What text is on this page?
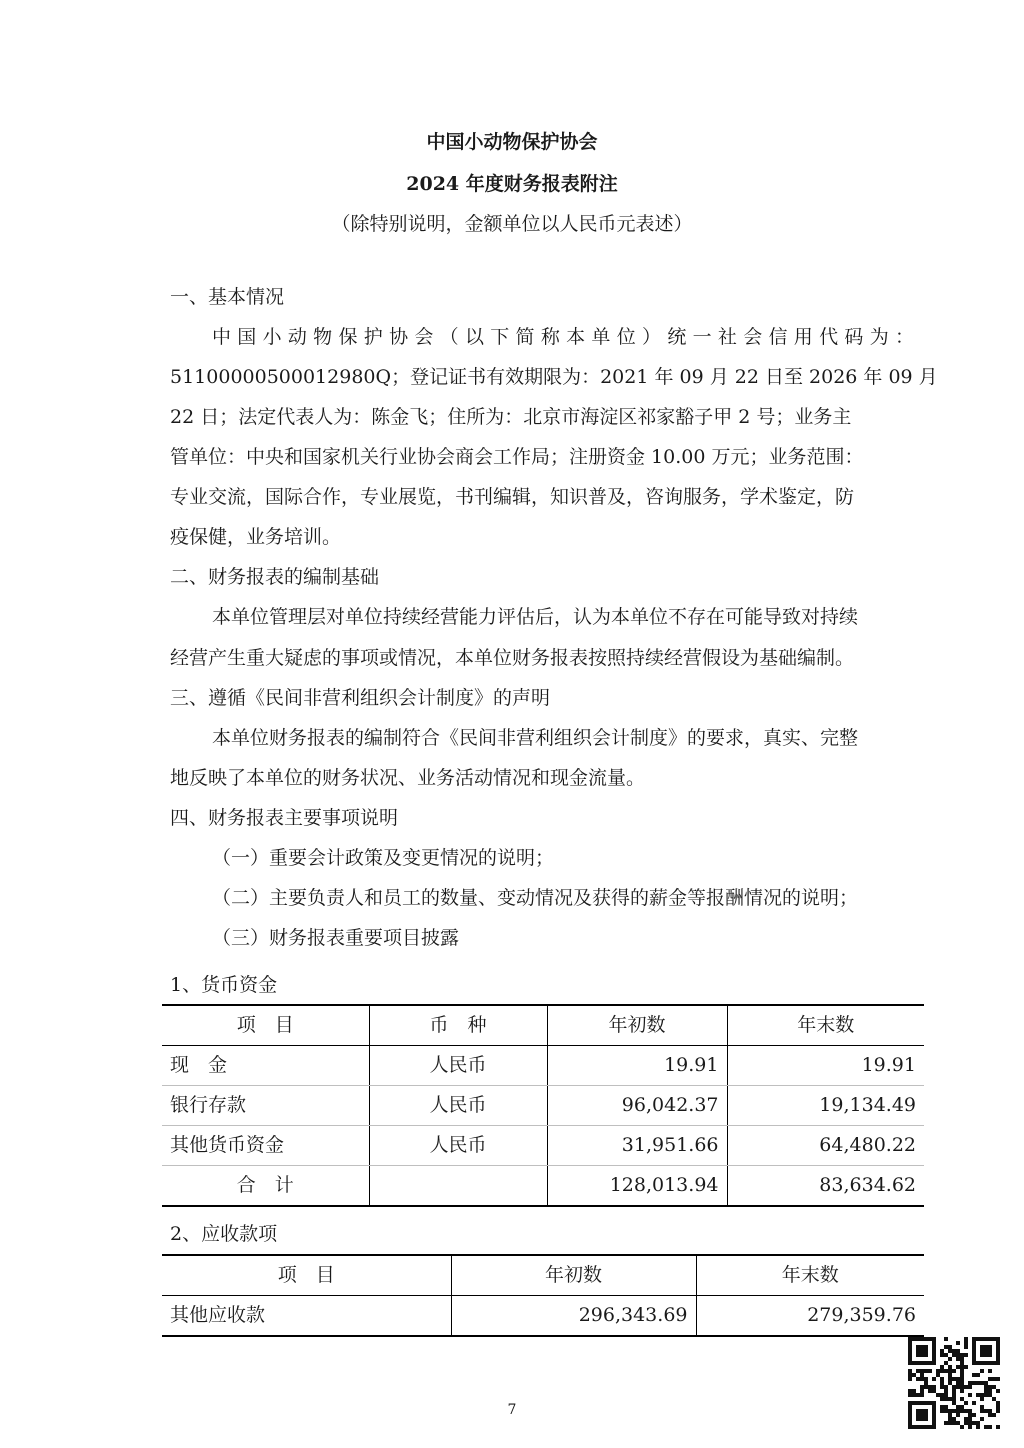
中国小动物保护协会
2024 年度财务报表附注
（除特别说明，金额单位以人民币元表述）
一、基本情况
中国小动物保护协会（以下简称本单位）统一社会信用代码为：
51100000500012980Q；登记证书有效期限为：2021 年 09 月 22 日至 2026 年 09 月
22 日；法定代表人为：陈金飞；住所为：北京市海淀区祁家豁子甲 2 号；业务主
管单位：中央和国家机关行业协会商会工作局；注册资金 10.00 万元；业务范围：
专业交流，国际合作，专业展览，书刊编辑，知识普及，咨询服务，学术鉴定，防
疫保健，业务培训。
二、财务报表的编制基础
本单位管理层对单位持续经营能力评估后，认为本单位不存在可能导致对持续
经营产生重大疑虑的事项或情况，本单位财务报表按照持续经营假设为基础编制。
三、遵循《民间非营利组织会计制度》的声明
本单位财务报表的编制符合《民间非营利组织会计制度》的要求，真实、完整
地反映了本单位的财务状况、业务活动情况和现金流量。
四、财务报表主要事项说明
（一）重要会计政策及变更情况的说明；
（二）主要负责人和员工的数量、变动情况及获得的薪金等报酬情况的说明；
（三）财务报表重要项目披露
1、货币资金
项　目	币　种	年初数	年末数
现　金	人民币	19.91	19.91
银行存款	人民币	96,042.37	19,134.49
其他货币资金	人民币	31,951.66	64,480.22
合　计		128,013.94	83,634.62
2、应收款项
项　目	年初数	年末数
其他应收款	296,343.69	279,359.76
7
